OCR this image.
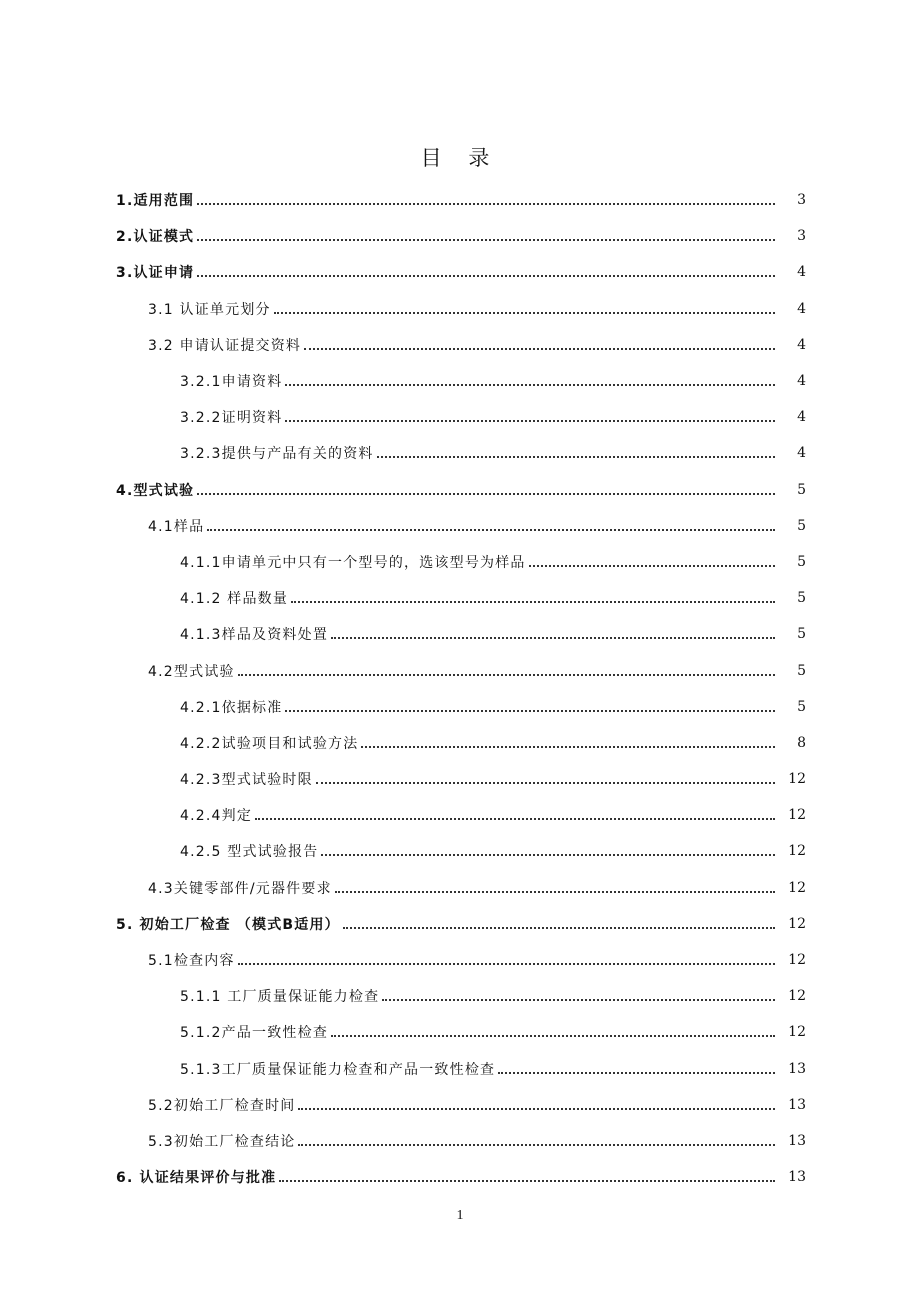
目 录
1.适用范围	3
2.认证模式	3
3.认证申请	4
3.1 认证单元划分	4
3.2 申请认证提交资料	4
3.2.1申请资料	4
3.2.2证明资料	4
3.2.3提供与产品有关的资料	4
4.型式试验	5
4.1样品	5
4.1.1申请单元中只有一个型号的，选该型号为样品	5
4.1.2 样品数量	5
4.1.3样品及资料处置	5
4.2型式试验	5
4.2.1依据标准	5
4.2.2试验项目和试验方法	8
4.2.3型式试验时限	12
4.2.4判定	12
4.2.5 型式试验报告	12
4.3关键零部件/元器件要求	12
5. 初始工厂检查 （模式B适用）	12
5.1检查内容	12
5.1.1 工厂质量保证能力检查	12
5.1.2产品一致性检查	12
5.1.3工厂质量保证能力检查和产品一致性检查	13
5.2初始工厂检查时间	13
5.3初始工厂检查结论	13
6. 认证结果评价与批准	13
1
